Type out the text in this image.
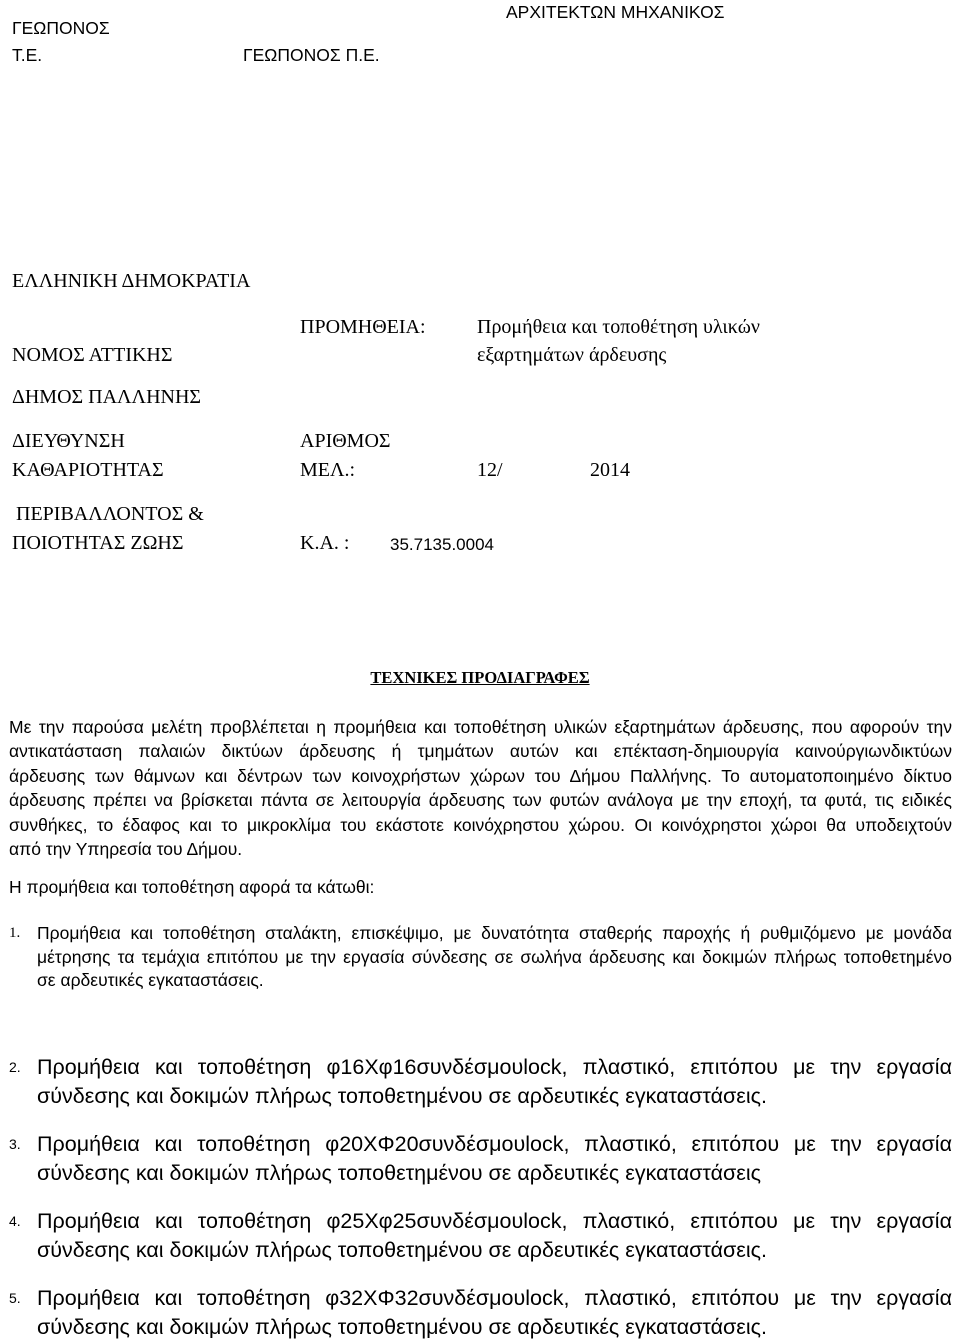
ΓΕΩΠΟΝΟΣ
Τ.Ε.	ΓΕΩΠΟΝΟΣ Π.Ε.
ΑΡΧΙΤΕΚΤΩΝ ΜΗΧΑΝΙΚΟΣ
ΕΛΛΗΝΙΚΗ ΔΗΜΟΚΡΑΤΙΑ
ΠΡΟΜΗΘΕΙΑ:	Προμήθεια και τοποθέτηση υλικών
ΝΟΜΟΣ ΑΤΤΙΚΗΣ	εξαρτημάτων άρδευσης
ΔΗΜΟΣ ΠΑΛΛΗΝΗΣ
ΔΙΕΥΘΥΝΣΗ	ΑΡΙΘΜΟΣ
ΚΑΘΑΡΙΟΤΗΤΑΣ	ΜΕΛ.:	12/	2014
ΠΕΡΙΒΑΛΛΟΝΤΟΣ &
ΠΟΙΟΤΗΤΑΣ ΖΩΗΣ	Κ.Α. : 35.7135.0004
ΤΕΧΝΙΚΕΣ ΠΡΟΔΙΑΓΡΑΦΕΣ
Με την παρούσα μελέτη προβλέπεται η προμήθεια και τοποθέτηση υλικών εξαρτημάτων άρδευσης, που αφορούν την
αντικατάσταση παλαιών δικτύων άρδευσης ή τμημάτων αυτών και επέκταση-δημιουργία καινούργιωνδικτύων
άρδευσης των θάμνων και δέντρων των κοινοχρήστων χώρων του Δήμου Παλλήνης. Το αυτοματοποιημένο δίκτυο
άρδευσης πρέπει να βρίσκεται πάντα σε λειτουργία άρδευσης των φυτών ανάλογα με την εποχή, τα φυτά, τις ειδικές
συνθήκες, το έδαφος και το μικροκλίμα του εκάστοτε κοινόχρηστου χώρου. Οι κοινόχρηστοι χώροι θα υποδειχτούν
από την Υπηρεσία του Δήμου.
Η προμήθεια και τοποθέτηση αφορά τα κάτωθι:
1. Προμήθεια και τοποθέτηση σταλάκτη, επισκέψιμο, με δυνατότητα σταθερής παροχής ή ρυθμιζόμενο με μονάδα
μέτρησης τα τεμάχια επιτόπου με την εργασία σύνδεσης σε σωλήνα άρδευσης και δοκιμών πλήρως τοποθετημένο
σε αρδευτικές εγκαταστάσεις.
2. Προμήθεια και τοποθέτηση φ16Χφ16συνδέσμουlock, πλαστικό, επιτόπου με την εργασία
σύνδεσης και δοκιμών πλήρως τοποθετημένου σε αρδευτικές εγκαταστάσεις.
3. Προμήθεια και τοποθέτηση φ20ΧΦ20συνδέσμουlock, πλαστικό, επιτόπου με την εργασία
σύνδεσης και δοκιμών πλήρως τοποθετημένου σε αρδευτικές εγκαταστάσεις
4. Προμήθεια και τοποθέτηση φ25Χφ25συνδέσμουlock, πλαστικό, επιτόπου με την εργασία
σύνδεσης και δοκιμών πλήρως τοποθετημένου σε αρδευτικές εγκαταστάσεις.
5. Προμήθεια και τοποθέτηση φ32ΧΦ32συνδέσμουlock, πλαστικό, επιτόπου με την εργασία
σύνδεσης και δοκιμών πλήρως τοποθετημένου σε αρδευτικές εγκαταστάσεις.
